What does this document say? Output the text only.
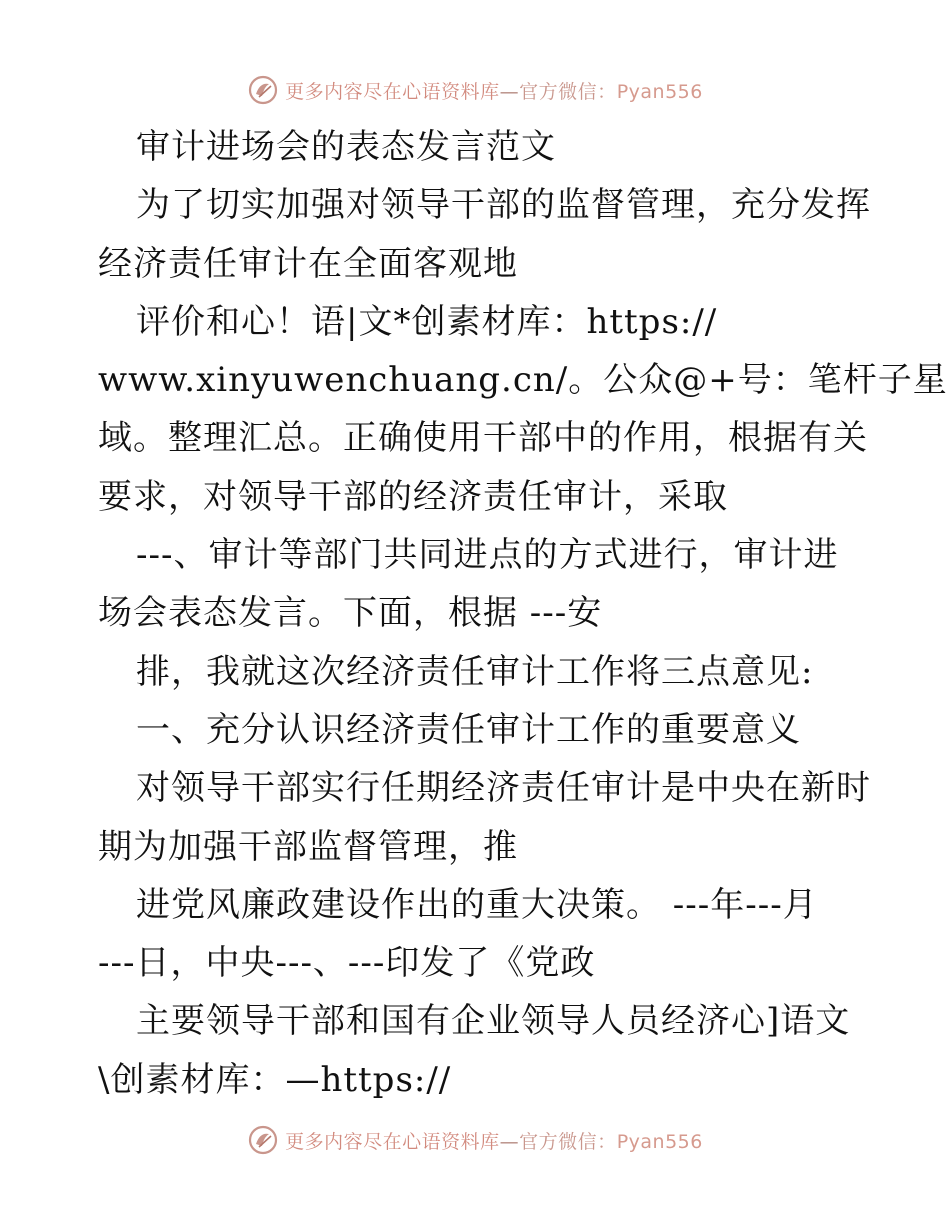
更多内容尽在心语资料库—官方微信：Pyan556
审计进场会的表态发言范文
为了切实加强对领导干部的监督管理，充分发挥
经济责任审计在全面客观地
评价和心！语|文*创素材库：https://
www.xinyuwenchuang.cn/。公众@+号：笔杆子星
域。整理汇总。正确使用干部中的作用，根据有关
要求，对领导干部的经济责任审计，采取
---、审计等部门共同进点的方式进行，审计进
场会表态发言。下面，根据 ---安
排，我就这次经济责任审计工作将三点意见:
一、充分认识经济责任审计工作的重要意义
对领导干部实行任期经济责任审计是中央在新时
期为加强干部监督管理，推
进党风廉政建设作出的重大决策。 ---年---月
---日，中央---、---印发了《党政
主要领导干部和国有企业领导人员经济心]语文
\创素材库：—https://
更多内容尽在心语资料库—官方微信：Pyan556
